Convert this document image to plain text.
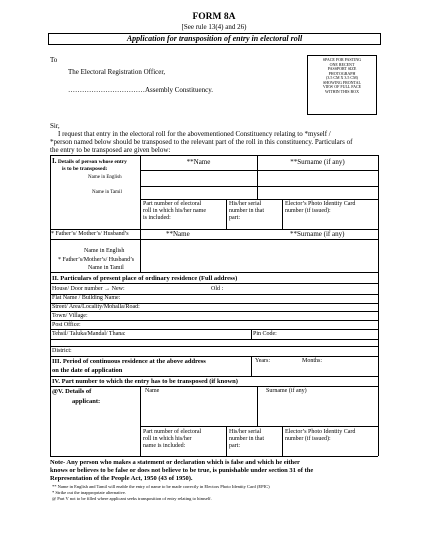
FORM 8A
[See rule 13(4) and 26)
Application for transposition of entry in electoral roll
To
The Electoral Registration Officer,
……………………………Assembly Constituency.
SPACE FOR PASTING
ONE RECENT
PASSPORT SIZE
PHOTOGRAPH
(3.5 CM X 3.5 CM)
SHOWING FRONTAL
VIEW OF FULL FACE
WITHIN THIS BOX
Sir,
I request that entry in the electoral roll for the abovementioned Constituency relating to *myself /
*person named below should be transposed to the relevant part of the roll in this constituency. Particulars of
the entry to be transposed are given below:
I. Details of person whose entry
is to be transposed:
**Name	**Surname (if any)
Name in English
Name in Tamil
Part number of electoral
roll in which his/her name
is included:
His/her serial
number in that
part:
Elector’s Photo Identity Card
number (if issued):
* Father’s/ Mother’s/ Husband’s	**Name	**Surname (if any)
Name in English
* Father’s/Mother’s/ Husband’s
Name in Tamil
II. Particulars of present place of ordinary residence (Full address)
House/ Door number → New:	Old :
Flat Name / Building Name:
Street/ Area/Locality/Mohalla/Road:
Town/ Village:
Post Office:
Pin Code:
Tehsil/ Taluka/Mandal/ Thana:
District:
III. Period of continuous residence at the above address
on the date of application
Years:	Months:
IV. Part number to which the entry has to be transposed (if known)
@V. Details of
applicant:
Name	Surname (if any)
Part number of electoral
roll in which his/her
name is included:
His/her serial
number in that
part:
Elector’s Photo Identity Card
number (if issued):
Note- Any person who makes a statement or declaration which is false and which he either
knows or believes to be false or does not believe to be true, is punishable under section 31 of the
Representation of the People Act, 1950 (43 of 1950).
** Name in English and Tamil will enable the entry of name to be made correctly in Electors Photo Identity Card (EPIC)
* Strike out the inappropriate alternative.
@ Part V not to be filled where applicant seeks transposition of entry relating to himself.
